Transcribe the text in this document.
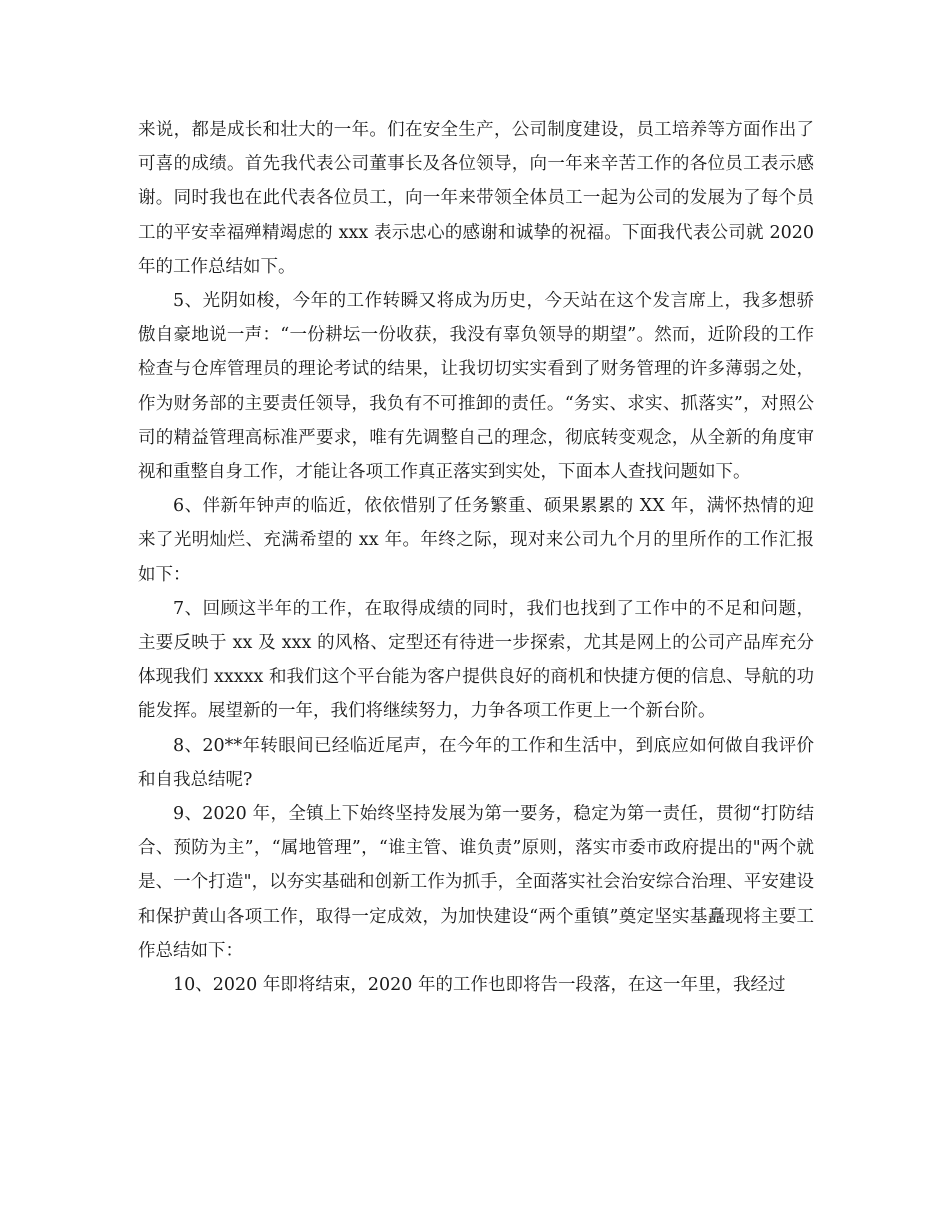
来说，都是成长和壮大的一年。们在安全生产，公司制度建设，员工培养等方面作出了可喜的成绩。首先我代表公司董事长及各位领导，向一年来辛苦工作的各位员工表示感谢。同时我也在此代表各位员工，向一年来带领全体员工一起为公司的发展为了每个员工的平安幸福殚精竭虑的 xxx 表示忠心的感谢和诚挚的祝福。下面我代表公司就 2020 年的工作总结如下。

5、光阴如梭，今年的工作转瞬又将成为历史，今天站在这个发言席上，我多想骄傲自豪地说一声：“一份耕坛一份收获，我没有辜负领导的期望”。然而，近阶段的工作检查与仓库管理员的理论考试的结果，让我切切实实看到了财务管理的许多薄弱之处，作为财务部的主要责任领导，我负有不可推卸的责任。“务实、求实、抓落实”，对照公司的精益管理高标准严要求，唯有先调整自己的理念，彻底转变观念，从全新的角度审视和重整自身工作，才能让各项工作真正落实到实处，下面本人查找问题如下。

6、伴新年钟声的临近，依依惜别了任务繁重、硕果累累的 XX 年，满怀热情的迎来了光明灿烂、充满希望的 xx 年。年终之际，现对来公司九个月的里所作的工作汇报如下：

7、回顾这半年的工作，在取得成绩的同时，我们也找到了工作中的不足和问题，主要反映于 xx 及 xxx 的风格、定型还有待进一步探索，尤其是网上的公司产品库充分体现我们 xxxxx 和我们这个平台能为客户提供良好的商机和快捷方便的信息、导航的功能发挥。展望新的一年，我们将继续努力，力争各项工作更上一个新台阶。

8、20**年转眼间已经临近尾声，在今年的工作和生活中，到底应如何做自我评价和自我总结呢?

9、2020 年，全镇上下始终坚持发展为第一要务，稳定为第一责任，贯彻“打防结合、预防为主”，“属地管理”，“谁主管、谁负责”原则，落实市委市政府提出的"两个就是、一个打造"，以夯实基础和创新工作为抓手，全面落实社会治安综合治理、平安建设和保护黄山各项工作，取得一定成效，为加快建设“两个重镇”奠定坚实基矗现将主要工作总结如下：

10、2020 年即将结束，2020 年的工作也即将告一段落，在这一年里，我经过
